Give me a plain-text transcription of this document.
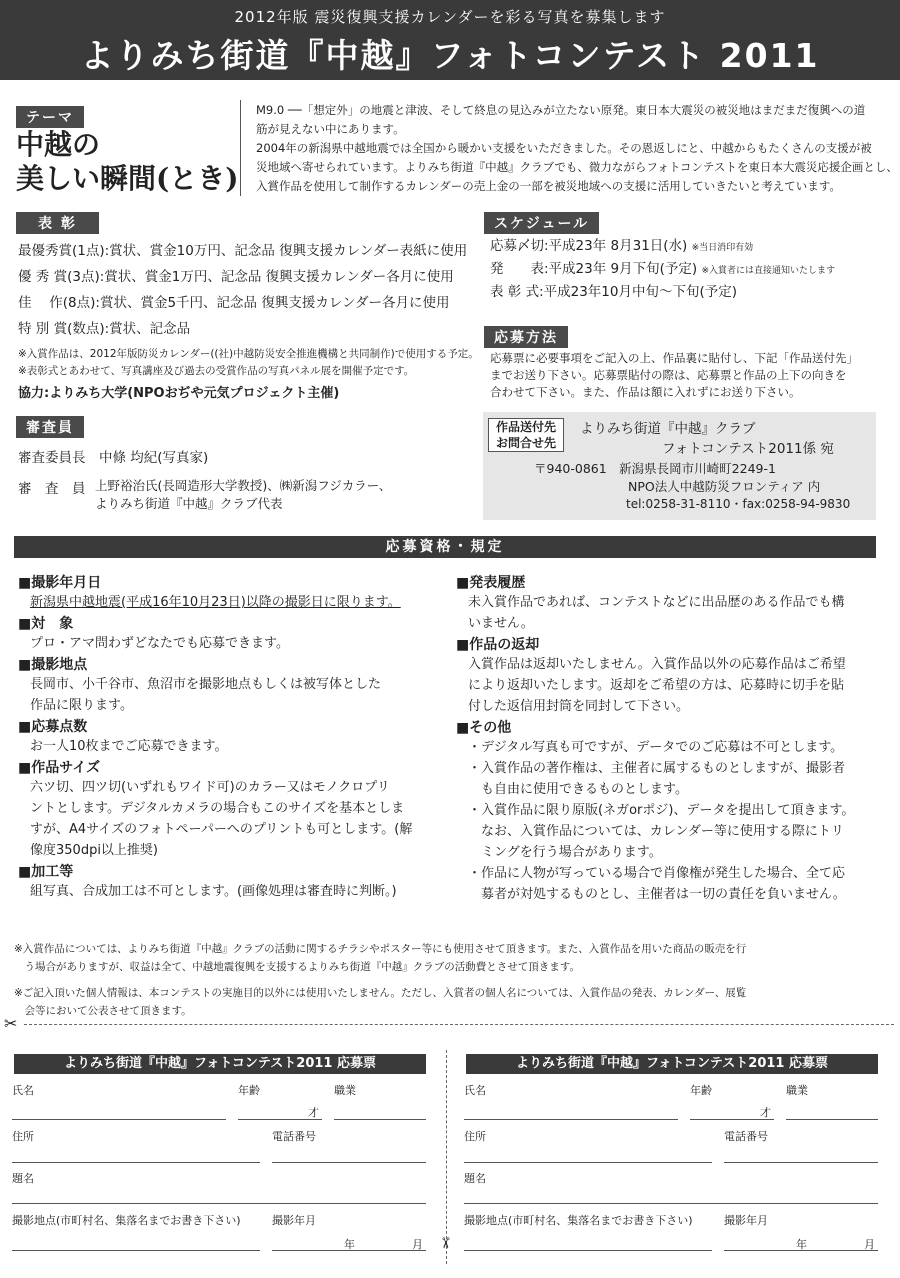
2012年版 震災復興支援カレンダーを彩る写真を募集します
よりみち街道『中越』フォトコンテスト 2011
テーマ
中越の
美しい瞬間(とき)
M9.0 ──「想定外」の地震と津波、そして終息の見込みが立たない原発。東日本大震災の被災地はまだまだ復興への道
筋が見えない中にあります。
2004年の新潟県中越地震では全国から暖かい支援をいただきました。その恩返しにと、中越からもたくさんの支援が被
災地域へ寄せられています。よりみち街道『中越』クラブでも、微力ながらフォトコンテストを東日本大震災応援企画とし、
入賞作品を使用して制作するカレンダーの売上金の一部を被災地域への支援に活用していきたいと考えています。
表 彰
最優秀賞(1点):賞状、賞金10万円、記念品 復興支援カレンダー表紙に使用
優 秀 賞(3点):賞状、賞金1万円、記念品 復興支援カレンダー各月に使用
佳　 作(8点):賞状、賞金5千円、記念品 復興支援カレンダー各月に使用
特 別 賞(数点):賞状、記念品
※入賞作品は、2012年版防災カレンダー((社)中越防災安全推進機構と共同制作)で使用する予定。
※表彰式とあわせて、写真講座及び過去の受賞作品の写真パネル展を開催予定です。
協力:よりみち大学(NPOおぢや元気プロジェクト主催)
審査員
審査委員長　中條 均紀(写真家)
審　査　員 上野裕治氏(長岡造形大学教授)、㈱新潟フジカラー、
よりみち街道『中越』クラブ代表
スケジュール
応募〆切:平成23年 8月31日(水) ※当日消印有効
発　　表:平成23年 9月下旬(予定) ※入賞者には直接通知いたします
表 彰 式:平成23年10月中旬〜下旬(予定)
応募方法
応募票に必要事項をご記入の上、作品裏に貼付し、下記「作品送付先」
までお送り下さい。応募票貼付の際は、応募票と作品の上下の向きを
合わせて下さい。また、作品は額に入れずにお送り下さい。
作品送付先
お問合せ先
よりみち街道『中越』クラブ
フォトコンテスト2011係 宛
〒940-0861　新潟県長岡市川崎町2249-1
NPO法人中越防災フロンティア 内
tel:0258-31-8110・fax:0258-94-9830
応募資格・規定
■撮影年月日
新潟県中越地震(平成16年10月23日)以降の撮影日に限ります。
■対　象
プロ・アマ問わずどなたでも応募できます。
■撮影地点
長岡市、小千谷市、魚沼市を撮影地点もしくは被写体とした
作品に限ります。
■応募点数
お一人10枚までご応募できます。
■作品サイズ
六ツ切、四ツ切(いずれもワイド可)のカラー又はモノクロプリ
ントとします。デジタルカメラの場合もこのサイズを基本としま
すが、A4サイズのフォトペーパーへのプリントも可とします。(解
像度350dpi以上推奨)
■加工等
組写真、合成加工は不可とします。(画像処理は審査時に判断。)
■発表履歴
未入賞作品であれば、コンテストなどに出品歴のある作品でも構
いません。
■作品の返却
入賞作品は返却いたしません。入賞作品以外の応募作品はご希望
により返却いたします。返却をご希望の方は、応募時に切手を貼
付した返信用封筒を同封して下さい。
■その他
・デジタル写真も可ですが、データでのご応募は不可とします。
・入賞作品の著作権は、主催者に属するものとしますが、撮影者
　も自由に使用できるものとします。
・入賞作品に限り原版(ネガorポジ)、データを提出して頂きます。
　なお、入賞作品については、カレンダー等に使用する際にトリ
　ミングを行う場合があります。
・作品に人物が写っている場合で肖像権が発生した場合、全て応
　募者が対処するものとし、主催者は一切の責任を負いません。
※入賞作品については、よりみち街道『中越』クラブの活動に関するチラシやポスター等にも使用させて頂きます。また、入賞作品を用いた商品の販売を行
　う場合がありますが、収益は全て、中越地震復興を支援するよりみち街道『中越』クラブの活動費とさせて頂きます。
※ご記入頂いた個人情報は、本コンテストの実施目的以外には使用いたしません。ただし、入賞者の個人名については、入賞作品の発表、カレンダー、展覧
　会等において公表させて頂きます。
✂
✂
よりみち街道『中越』フォトコンテスト2011 応募票
氏名	年齢	職業
才
住所	電話番号
題名
撮影地点(市町村名、集落名までお書き下さい)	撮影年月
年	月
よりみち街道『中越』フォトコンテスト2011 応募票
氏名	年齢	職業
才
住所	電話番号
題名
撮影地点(市町村名、集落名までお書き下さい)	撮影年月
年	月
